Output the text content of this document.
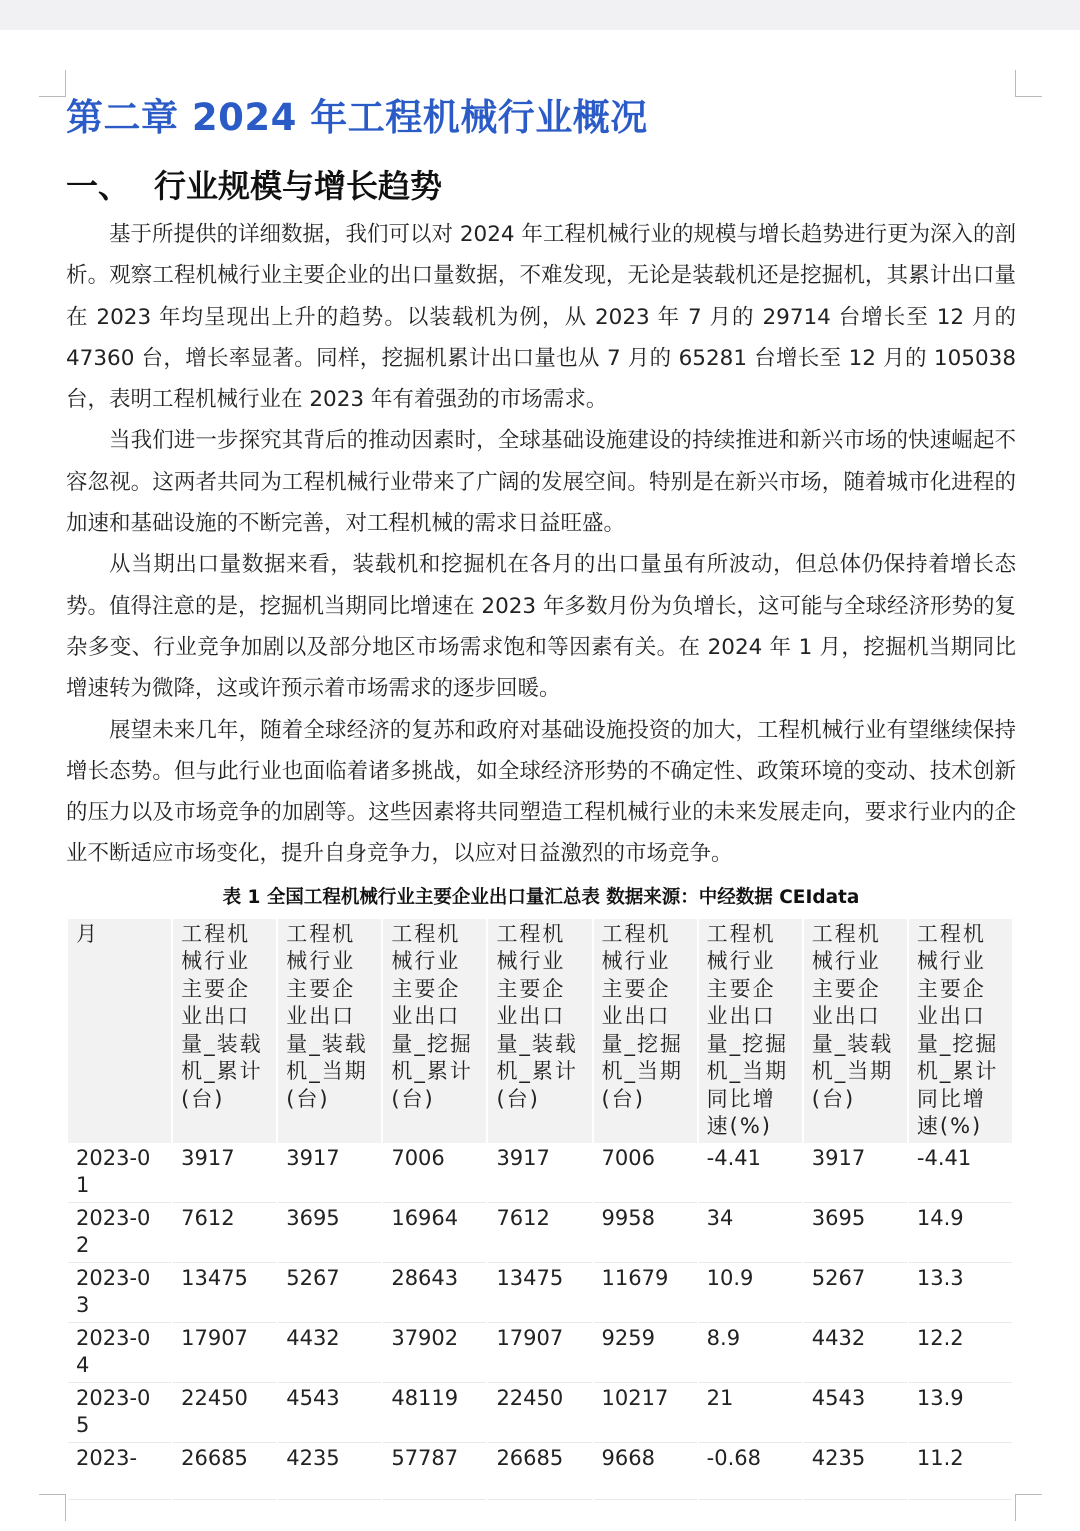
第二章 2024 年工程机械行业概况
一、 行业规模与增长趋势

基于所提供的详细数据，我们可以对 2024 年工程机械行业的规模与增长趋势进行更为深入的剖析。观察工程机械行业主要企业的出口量数据，不难发现，无论是装载机还是挖掘机，其累计出口量在 2023 年均呈现出上升的趋势。以装载机为例，从 2023 年 7 月的 29714 台增长至 12 月的 47360 台，增长率显著。同样，挖掘机累计出口量也从 7 月的 65281 台增长至 12 月的 105038 台，表明工程机械行业在 2023 年有着强劲的市场需求。

当我们进一步探究其背后的推动因素时，全球基础设施建设的持续推进和新兴市场的快速崛起不容忽视。这两者共同为工程机械行业带来了广阔的发展空间。特别是在新兴市场，随着城市化进程的加速和基础设施的不断完善，对工程机械的需求日益旺盛。

从当期出口量数据来看，装载机和挖掘机在各月的出口量虽有所波动，但总体仍保持着增长态势。值得注意的是，挖掘机当期同比增速在 2023 年多数月份为负增长，这可能与全球经济形势的复杂多变、行业竞争加剧以及部分地区市场需求饱和等因素有关。在 2024 年 1 月，挖掘机当期同比增速转为微降，这或许预示着市场需求的逐步回暖。

展望未来几年，随着全球经济的复苏和政府对基础设施投资的加大，工程机械行业有望继续保持增长态势。但与此行业也面临着诸多挑战，如全球经济形势的不确定性、政策环境的变动、技术创新的压力以及市场竞争的加剧等。这些因素将共同塑造工程机械行业的未来发展走向，要求行业内的企业不断适应市场变化，提升自身竞争力，以应对日益激烈的市场竞争。

表 1 全国工程机械行业主要企业出口量汇总表 数据来源：中经数据 CEIdata
月	工程机械行业主要企业出口量_装载机_累计(台)	工程机械行业主要企业出口量_装载机_当期(台)	工程机械行业主要企业出口量_挖掘机_累计(台)	工程机械行业主要企业出口量_装载机_累计(台)	工程机械行业主要企业出口量_挖掘机_当期(台)	工程机械行业主要企业出口量_挖掘机_当期同比增速(%)	工程机械行业主要企业出口量_装载机_当期(台)	工程机械行业主要企业出口量_挖掘机_累计同比增速(%)
2023-01	3917	3917	7006	3917	7006	-4.41	3917	-4.41
2023-02	7612	3695	16964	7612	9958	34	3695	14.9
2023-03	13475	5267	28643	13475	11679	10.9	5267	13.3
2023-04	17907	4432	37902	17907	9259	8.9	4432	12.2
2023-05	22450	4543	48119	22450	10217	21	4543	13.9
2023-	26685	4235	57787	26685	9668	-0.68	4235	11.2
